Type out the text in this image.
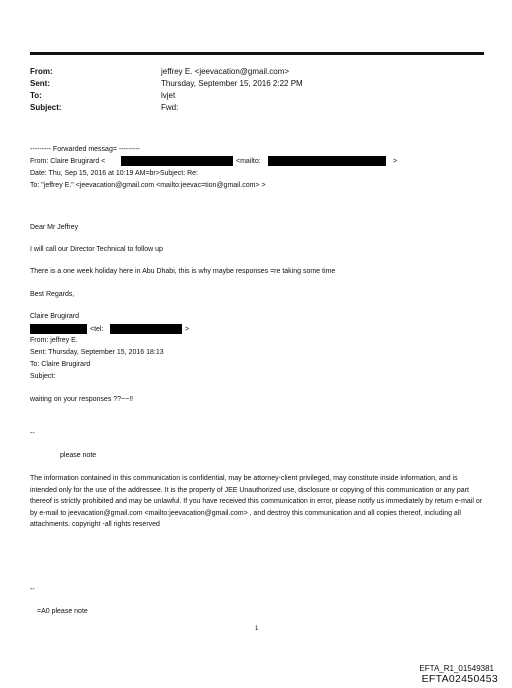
From:	jeffrey E. <jeevacation@gmail.com>
Sent:	Thursday, September 15, 2016 2:22 PM
To:	lvjet
Subject:	Fwd:
--------- Forwarded messag= ---------
From: Claire Brugirard <	<mailto:	>
Date: Thu, Sep 15, 2016 at 10:19 AM=br>Subject: Re:
To: "jeffrey E." <jeevacation@gmail.com <mailto:jeevac=tion@gmail.com> >
Dear Mr Jeffrey
I will call our Director Technical to follow up
There is a one week holiday here in Abu Dhabi, this is why maybe responses =re taking some time
Best Regards,
Claire Brugirard
<tel:	>
From: jeffrey E.
Sent: Thursday, September 15, 2016 18:13
To: Claire Brugirard
Subject:
waiting on your responses ??~~!!
--
please note
The information contained in this communication is confidential, may be attorney-client privileged, may constitute inside information, and is intended only for the use of the addressee. It is the property of JEE Unauthorized use, disclosure or copying of this communication or any part thereof is strictly prohibited and may be unlawful. If you have received this communication in error, please notify us immediately by return e-mail or by e-mail to jeevacation@gmail.com <mailto:jeevacation@gmail.com> , and destroy this communication and all copies thereof, including all attachments. copyright -all rights reserved
--
=A0 please note
1
EFTA_R1_01549381
EFTA02450453
